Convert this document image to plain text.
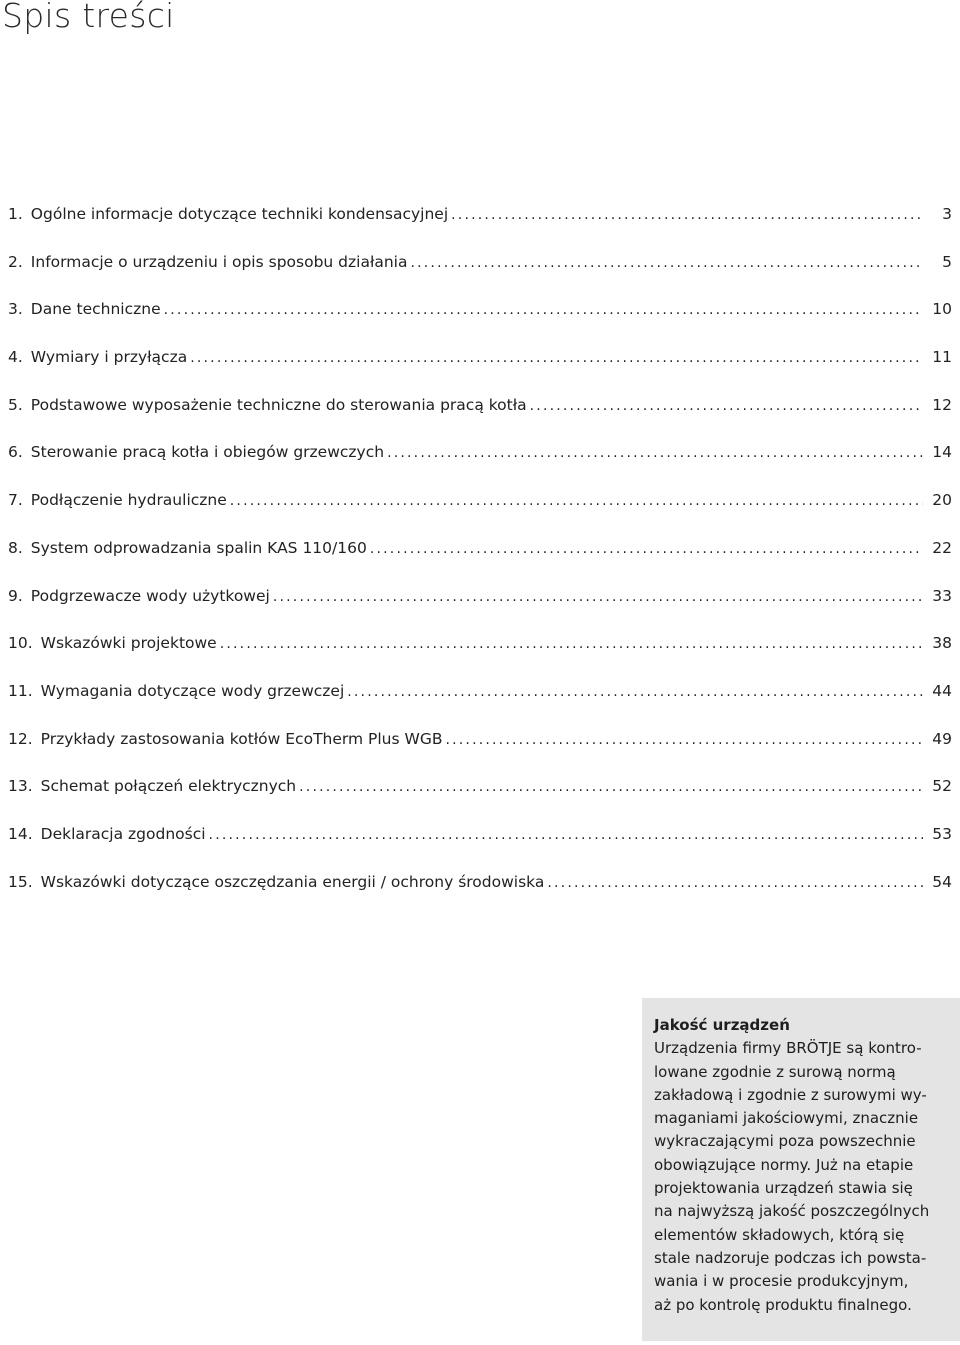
Spis treści
1. Ogólne informacje dotyczące techniki kondensacyjnej .....	3
2. Informacje o urządzeniu i opis sposobu działania .....	5
3. Dane techniczne .....	10
4. Wymiary i przyłącza .....	11
5. Podstawowe wyposażenie techniczne do sterowania pracą kotła .....	12
6. Sterowanie pracą kotła i obiegów grzewczych .....	14
7. Podłączenie hydrauliczne .....	20
8. System odprowadzania spalin KAS 110/160 .....	22
9. Podgrzewacze wody użytkowej .....	33
10. Wskazówki projektowe .....	38
11. Wymagania dotyczące wody grzewczej .....	44
12. Przykłady zastosowania kotłów EcoTherm Plus WGB .....	49
13. Schemat połączeń elektrycznych .....	52
14. Deklaracja zgodności .....	53
15. Wskazówki dotyczące oszczędzania energii / ochrony środowiska .....	54

Jakość urządzeń

Urządzenia firmy BRÖTJE są kontro-
lowane zgodnie z surową normą
zakładową i zgodnie z surowymi wy-
maganiami jakościowymi, znacznie
wykraczającymi poza powszechnie
obowiązujące normy. Już na etapie
projektowania urządzeń stawia się
na najwyższą jakość poszczególnych
elementów składowych, którą się
stale nadzoruje podczas ich powsta-
wania i w procesie produkcyjnym,
aż po kontrolę produktu finalnego.
